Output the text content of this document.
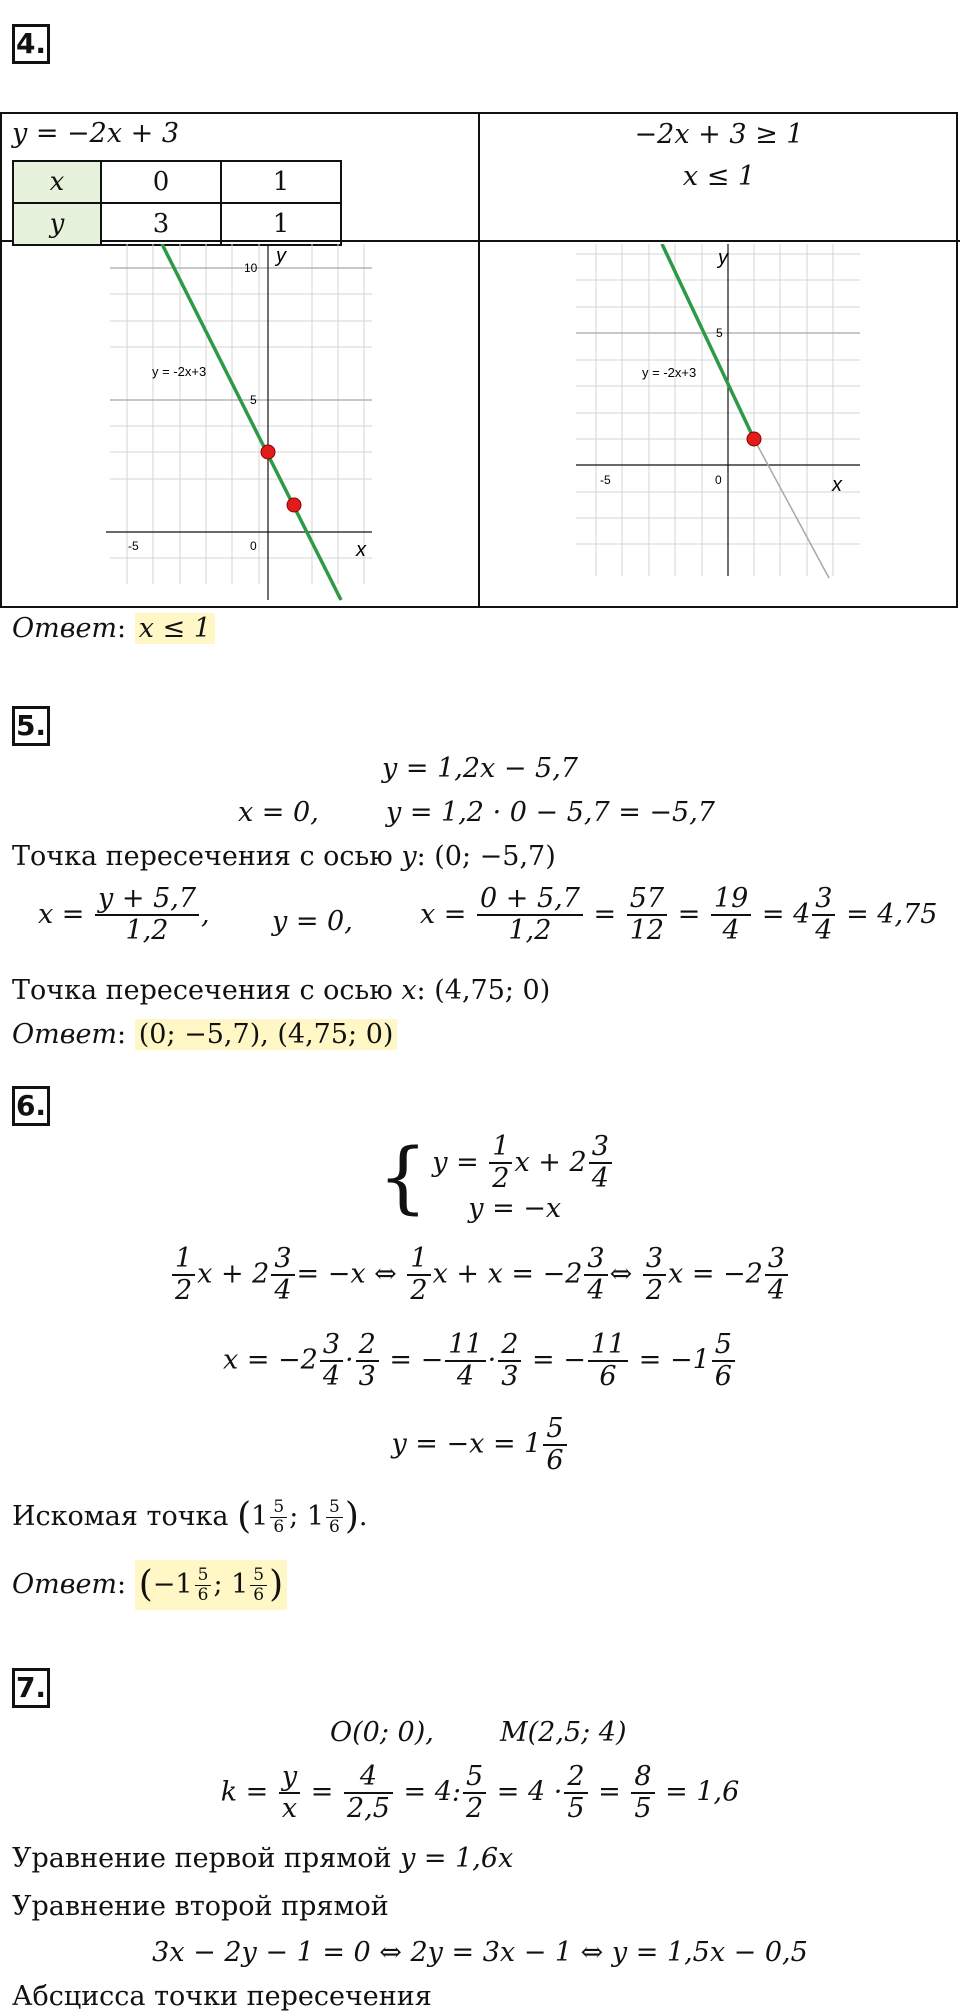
4.
y = −2x + 3
x	0	1
y	3	1
−2x + 3 ≥ 1
x ≤ 1
y
x
10
5
-5	0
y = -2x+3
y
x
5
-5	0
y = -2x+3
Ответ: x ≤ 1
5.
y = 1,2x − 5,7
x = 0, y = 1,2 · 0 − 5,7 = −5,7
Точка пересечения с осью y: (0; −5,7)
$x = \frac{y + 5,7}{1,2}$ , y = 0, $x = \frac{0 + 5,7}{1,2} = \frac{57}{12} = \frac{19}{4} = 4 \frac{3}{4} = 4,75$
Точка пересечения с осью x: (4,75; 0)
Ответ: (0; −5,7), (4,75; 0)
6.
{ $y = \frac{1}{2}$ $x + 2 \frac{3}{4}$
y = −x
$\frac{1}{2}$ $x + 2 \frac{3}{4} = -x$ ⇔ $\frac{1}{2}$ $x + x = -2 \frac{3}{4}$ ⇔ $\frac{3}{2}$ $x = -2 \frac{3}{4}$
$x = -2 \frac{3}{4} \cdot \frac{2}{3}$ = − $\frac{11}{4} \cdot \frac{2}{3}$ = − $\frac{11}{6} = -1 \frac{5}{6}$
$y = -x = 1 \frac{5}{6}$
Искомая точка ($1 \frac{5}{6}$ ; $1 \frac{5}{6}$ ).
Ответ: ($-1 \frac{5}{6}$ ; $1 \frac{5}{6}$ )
7.
O(0; 0), M(2,5; 4)
$k = \frac{y}{x} = \frac{4}{2,5} = 4$: $\frac{5}{2} = 4 \cdot \frac{2}{5} = \frac{8}{5} = 1,6$
Уравнение первой прямой y = 1,6x
Уравнение второй прямой
3x − 2y − 1 = 0 ⇔ 2y = 3x − 1 ⇔ y = 1,5x − 0,5
Абсцисса точки пересечения
